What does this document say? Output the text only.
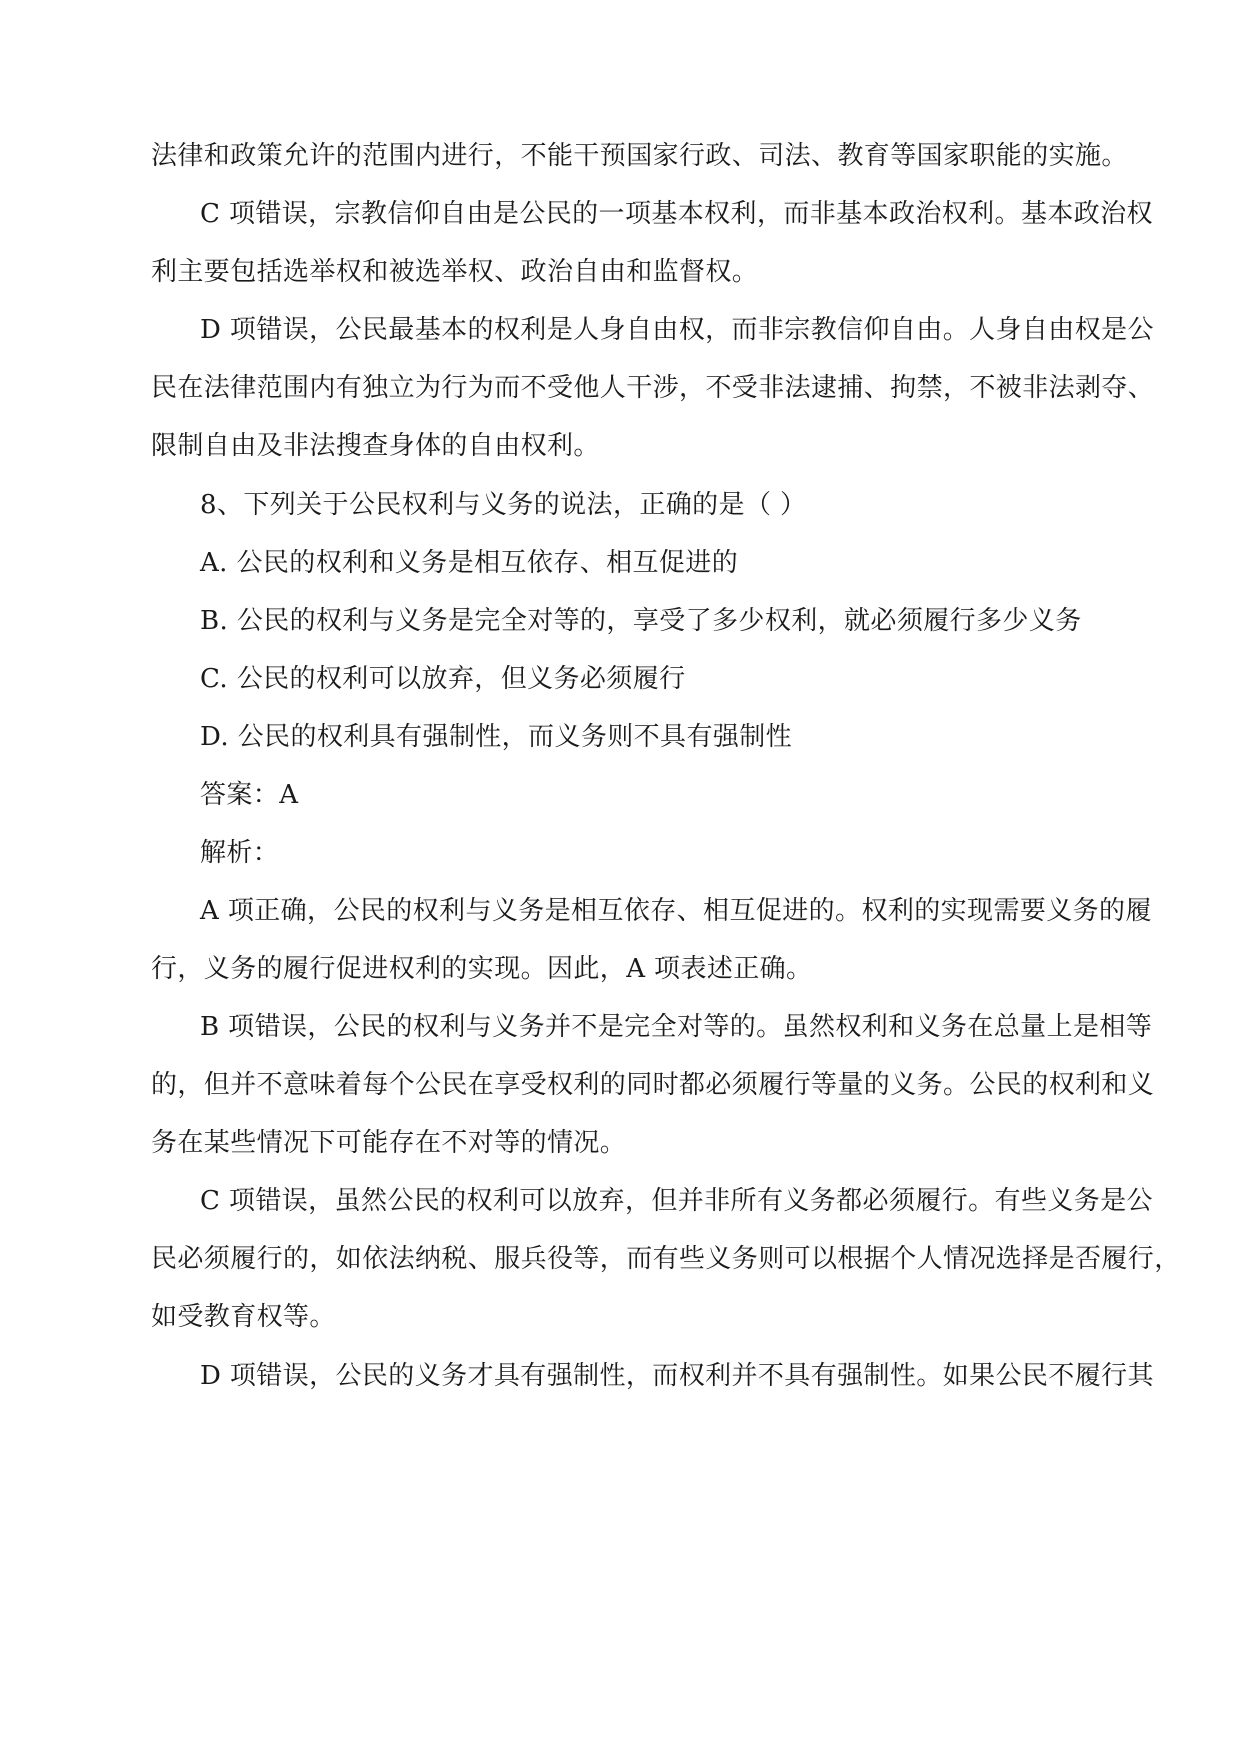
法律和政策允许的范围内进行，不能干预国家行政、司法、教育等国家职能的实施。
C 项错误，宗教信仰自由是公民的一项基本权利，而非基本政治权利。基本政治权
利主要包括选举权和被选举权、政治自由和监督权。
D 项错误，公民最基本的权利是人身自由权，而非宗教信仰自由。人身自由权是公
民在法律范围内有独立为行为而不受他人干涉，不受非法逮捕、拘禁，不被非法剥夺、
限制自由及非法搜查身体的自由权利。
8、下列关于公民权利与义务的说法，正确的是（ ）
A. 公民的权利和义务是相互依存、相互促进的
B. 公民的权利与义务是完全对等的，享受了多少权利，就必须履行多少义务
C. 公民的权利可以放弃，但义务必须履行
D. 公民的权利具有强制性，而义务则不具有强制性
答案：A
解析：
A 项正确，公民的权利与义务是相互依存、相互促进的。权利的实现需要义务的履
行，义务的履行促进权利的实现。因此，A 项表述正确。
B 项错误，公民的权利与义务并不是完全对等的。虽然权利和义务在总量上是相等
的，但并不意味着每个公民在享受权利的同时都必须履行等量的义务。公民的权利和义
务在某些情况下可能存在不对等的情况。
C 项错误，虽然公民的权利可以放弃，但并非所有义务都必须履行。有些义务是公
民必须履行的，如依法纳税、服兵役等，而有些义务则可以根据个人情况选择是否履行，
如受教育权等。
D 项错误，公民的义务才具有强制性，而权利并不具有强制性。如果公民不履行其
